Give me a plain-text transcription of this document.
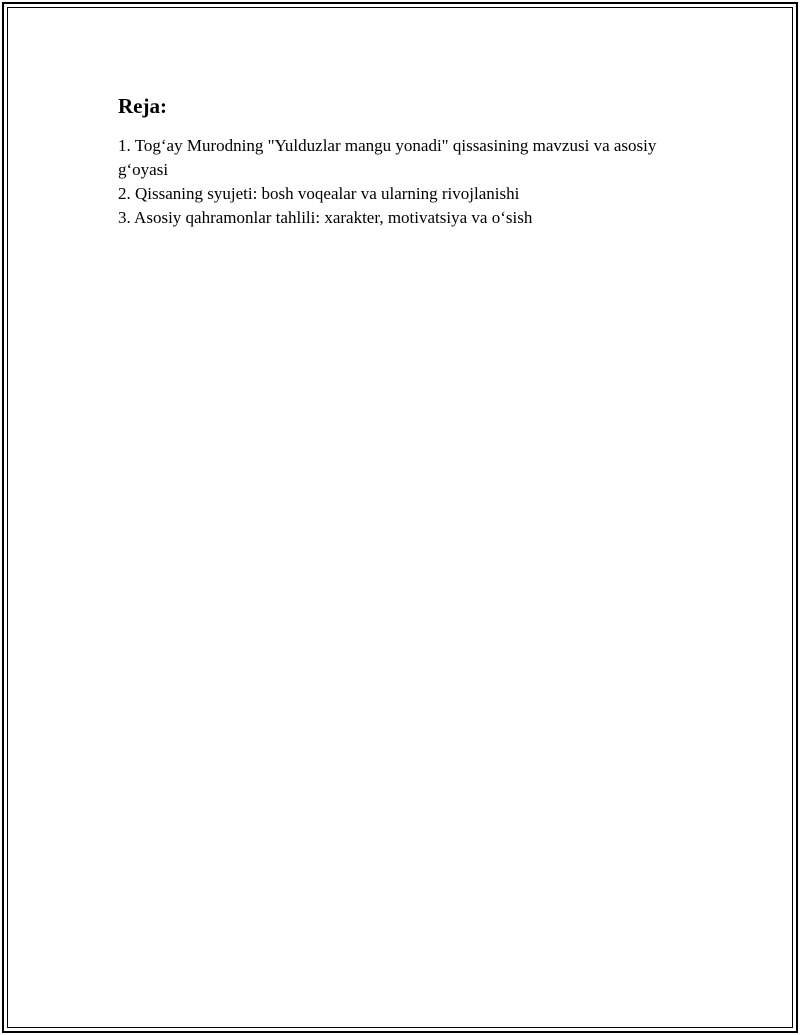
Reja:
1. Tog‘ay Murodning "Yulduzlar mangu yonadi" qissasining mavzusi va asosiy g‘oyasi
2. Qissaning syujeti: bosh voqealar va ularning rivojlanishi
3. Asosiy qahramonlar tahlili: xarakter, motivatsiya va o‘sish
